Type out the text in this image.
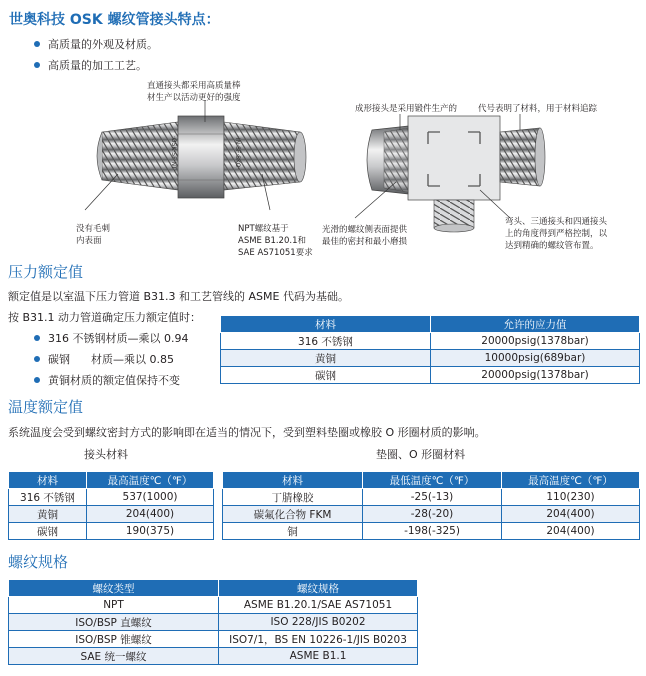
世奥科技 OSK 螺纹管接头特点：
高质量的外观及材质。
高质量的加工工艺。
·OSK·SF·NT·	·IN·SF·SKO·
直通接头都采用高质量棒
材生产以活动更好的强度
没有毛刺
内表面
NPT螺纹基于
ASME B1.20.1和
SAE AS71051要求
成形接头是采用锻件生产的 代号表明了材料，用于材料追踪
光滑的螺纹侧表面提供
最佳的密封和最小磨损
弯头、三通接头和四通接头
上的角度得到严格控制，以
达到精确的螺纹管布置。
压力额定值
额定值是以室温下压力管道 B31.3 和工艺管线的 ASME 代码为基础。
按 B31.1 动力管道确定压力额定值时：
316 不锈钢材质—乘以 0.94
碳钢      材质—乘以 0.85
黄铜材质的额定值保持不变
材料	允许的应力值
316 不锈钢	20000psig(1378bar)
黄铜	10000psig(689bar)
碳钢	20000psig(1378bar)
温度额定值
系统温度会受到螺纹密封方式的影响即在适当的情况下，受到塑料垫圈或橡胶 O 形圈材质的影响。
接头材料	垫圈、O 形圈材料
材料	最高温度℃（℉）
316 不锈钢	537(1000)
黄铜	204(400)
碳钢	190(375)
材料	最低温度℃（℉）	最高温度℃（℉）
丁腈橡胶	-25(-13)	110(230)
碳氟化合物 FKM	-28(-20)	204(400)
铜	-198(-325)	204(400)
螺纹规格
螺纹类型	螺纹规格
NPT	ASME B1.20.1/SAE AS71051
ISO/BSP 直螺纹	ISO 228/JIS B0202
ISO/BSP 锥螺纹	ISO7/1，BS EN 10226-1/JIS B0203
SAE 统一螺纹	ASME B1.1
